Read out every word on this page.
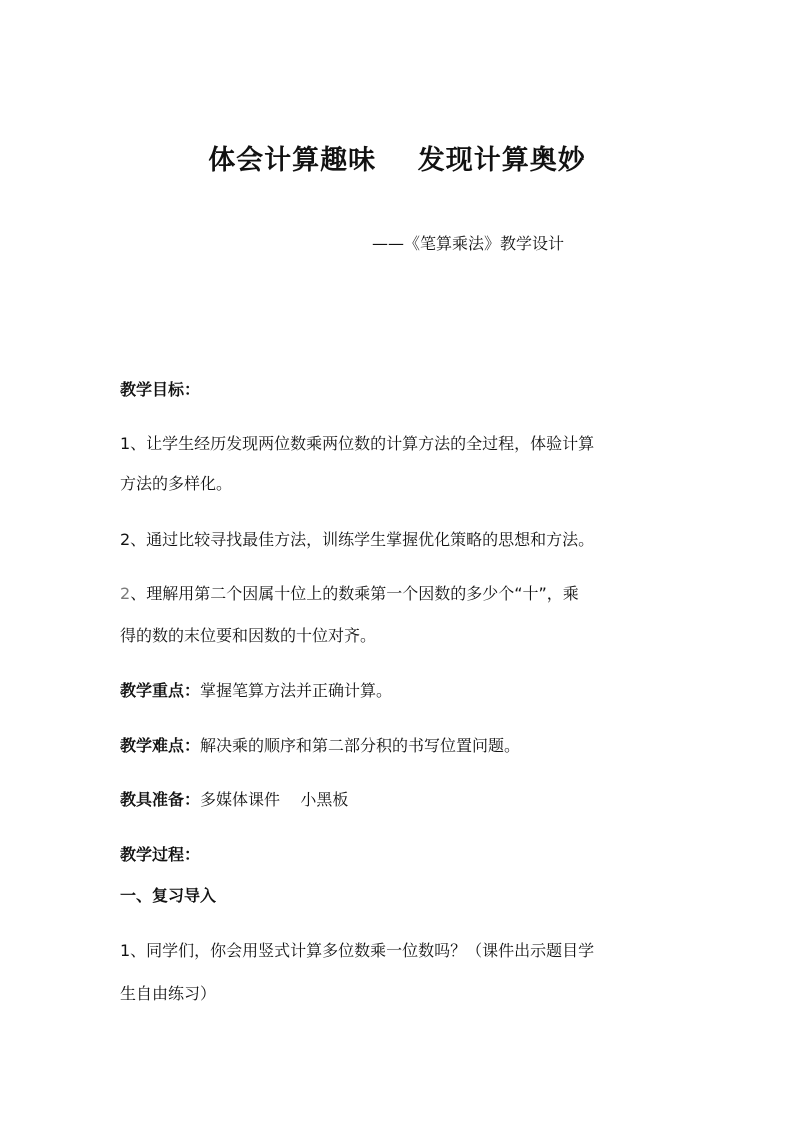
体会计算趣味    发现计算奥妙
——《笔算乘法》教学设计
教学目标：
1、让学生经历发现两位数乘两位数的计算方法的全过程，体验计算
方法的多样化。
2、通过比较寻找最佳方法，训练学生掌握优化策略的思想和方法。
2、理解用第二个因属十位上的数乘第一个因数的多少个“十”，乘
得的数的末位要和因数的十位对齐。
教学重点：掌握笔算方法并正确计算。
教学难点：解决乘的顺序和第二部分积的书写位置问题。
教具准备：多媒体课件    小黑板
教学过程：
一、复习导入
1、同学们，你会用竖式计算多位数乘一位数吗？（课件出示题目学
生自由练习）
